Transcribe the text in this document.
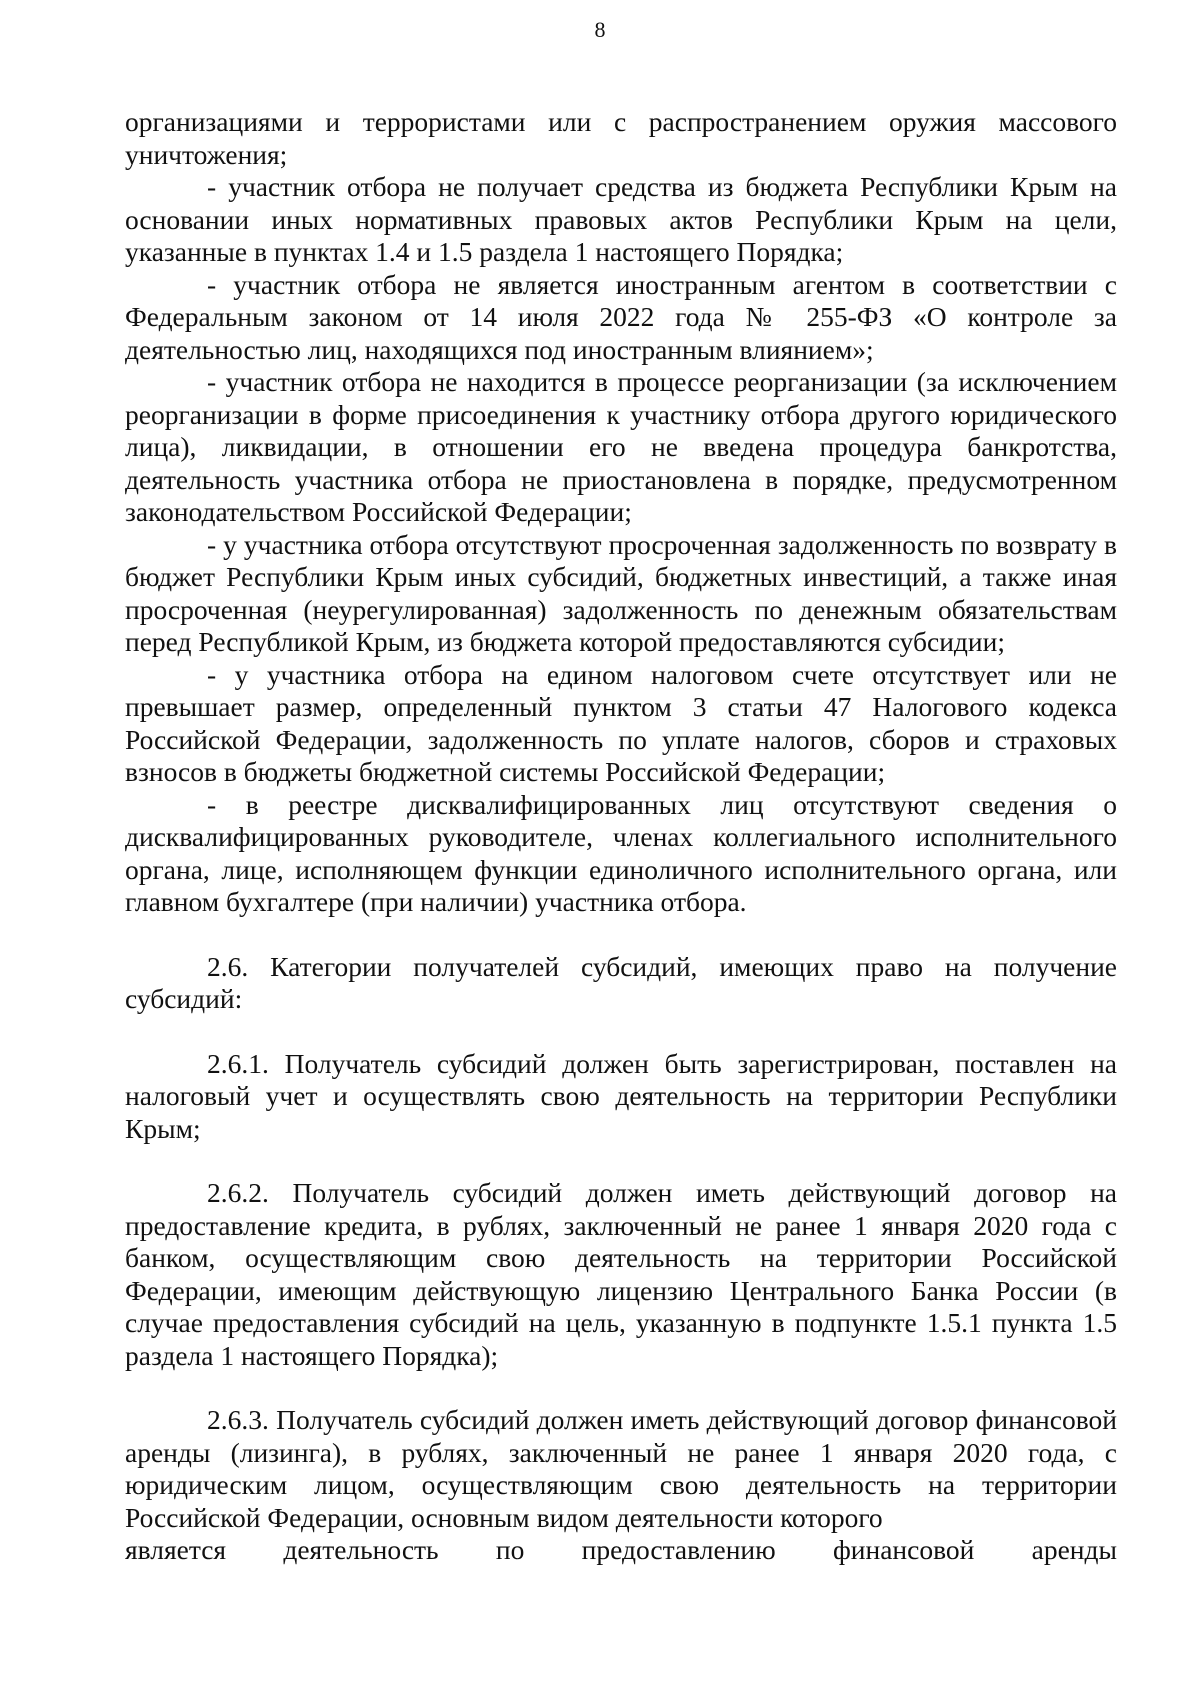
8

организациями и террористами или с распространением оружия массового уничтожения;

- участник отбора не получает средства из бюджета Республики Крым на основании иных нормативных правовых актов Республики Крым на цели, указанные в пунктах 1.4 и 1.5 раздела 1 настоящего Порядка;

- участник отбора не является иностранным агентом в соответствии с Федеральным законом от 14 июля 2022 года № 255-ФЗ «О контроле за деятельностью лиц, находящихся под иностранным влиянием»;

- участник отбора не находится в процессе реорганизации (за исключением реорганизации в форме присоединения к участнику отбора другого юридического лица), ликвидации, в отношении его не введена процедура банкротства, деятельность участника отбора не приостановлена в порядке, предусмотренном законодательством Российской Федерации;

- у участника отбора отсутствуют просроченная задолженность по возврату в бюджет Республики Крым иных субсидий, бюджетных инвестиций, а также иная просроченная (неурегулированная) задолженность по денежным обязательствам перед Республикой Крым, из бюджета которой предоставляются субсидии;

- у участника отбора на едином налоговом счете отсутствует или не превышает размер, определенный пунктом 3 статьи 47 Налогового кодекса Российской Федерации, задолженность по уплате налогов, сборов и страховых взносов в бюджеты бюджетной системы Российской Федерации;

- в реестре дисквалифицированных лиц отсутствуют сведения о дисквалифицированных руководителе, членах коллегиального исполнительного органа, лице, исполняющем функции единоличного исполнительного органа, или главном бухгалтере (при наличии) участника отбора.

2.6. Категории получателей субсидий, имеющих право на получение субсидий:

2.6.1. Получатель субсидий должен быть зарегистрирован, поставлен на налоговый учет и осуществлять свою деятельность на территории Республики Крым;

2.6.2. Получатель субсидий должен иметь действующий договор на предоставление кредита, в рублях, заключенный не ранее 1 января 2020 года с банком, осуществляющим свою деятельность на территории Российской Федерации, имеющим действующую лицензию Центрального Банка России (в случае предоставления субсидий на цель, указанную в подпункте 1.5.1 пункта 1.5 раздела 1 настоящего Порядка);

2.6.3. Получатель субсидий должен иметь действующий договор финансовой аренды (лизинга), в рублях, заключенный не ранее 1 января 2020 года, с юридическим лицом, осуществляющим свою деятельность на территории Российской Федерации, основным видом деятельности которого

является деятельность по предоставлению финансовой аренды
